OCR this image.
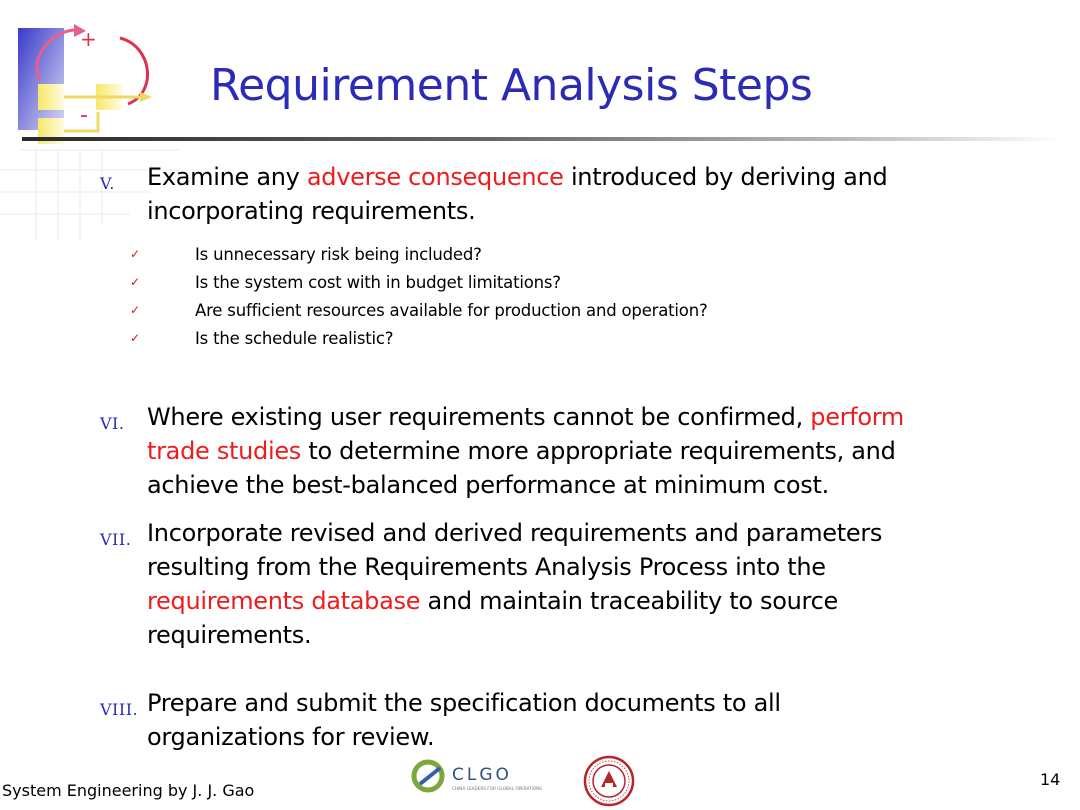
+
-
Requirement Analysis Steps
V.	Examine any adverse consequence introduced by deriving and
incorporating requirements.
✓	Is unnecessary risk being included?
✓	Is the system cost with in budget limitations?
✓	Are sufficient resources available for production and operation?
✓	Is the schedule realistic?
VI. Where existing user requirements cannot be confirmed, perform
trade studies to determine more appropriate requirements, and
achieve the best-balanced performance at minimum cost.
VII. Incorporate revised and derived requirements and parameters
resulting from the Requirements Analysis Process into the
requirements database and maintain traceability to source
requirements.
VIII. Prepare and submit the specification documents to all
organizations for review.
System Engineering by J. J. Gao
CLGO
CHINA LEADERS FOR GLOBAL OPERATIONS	14
